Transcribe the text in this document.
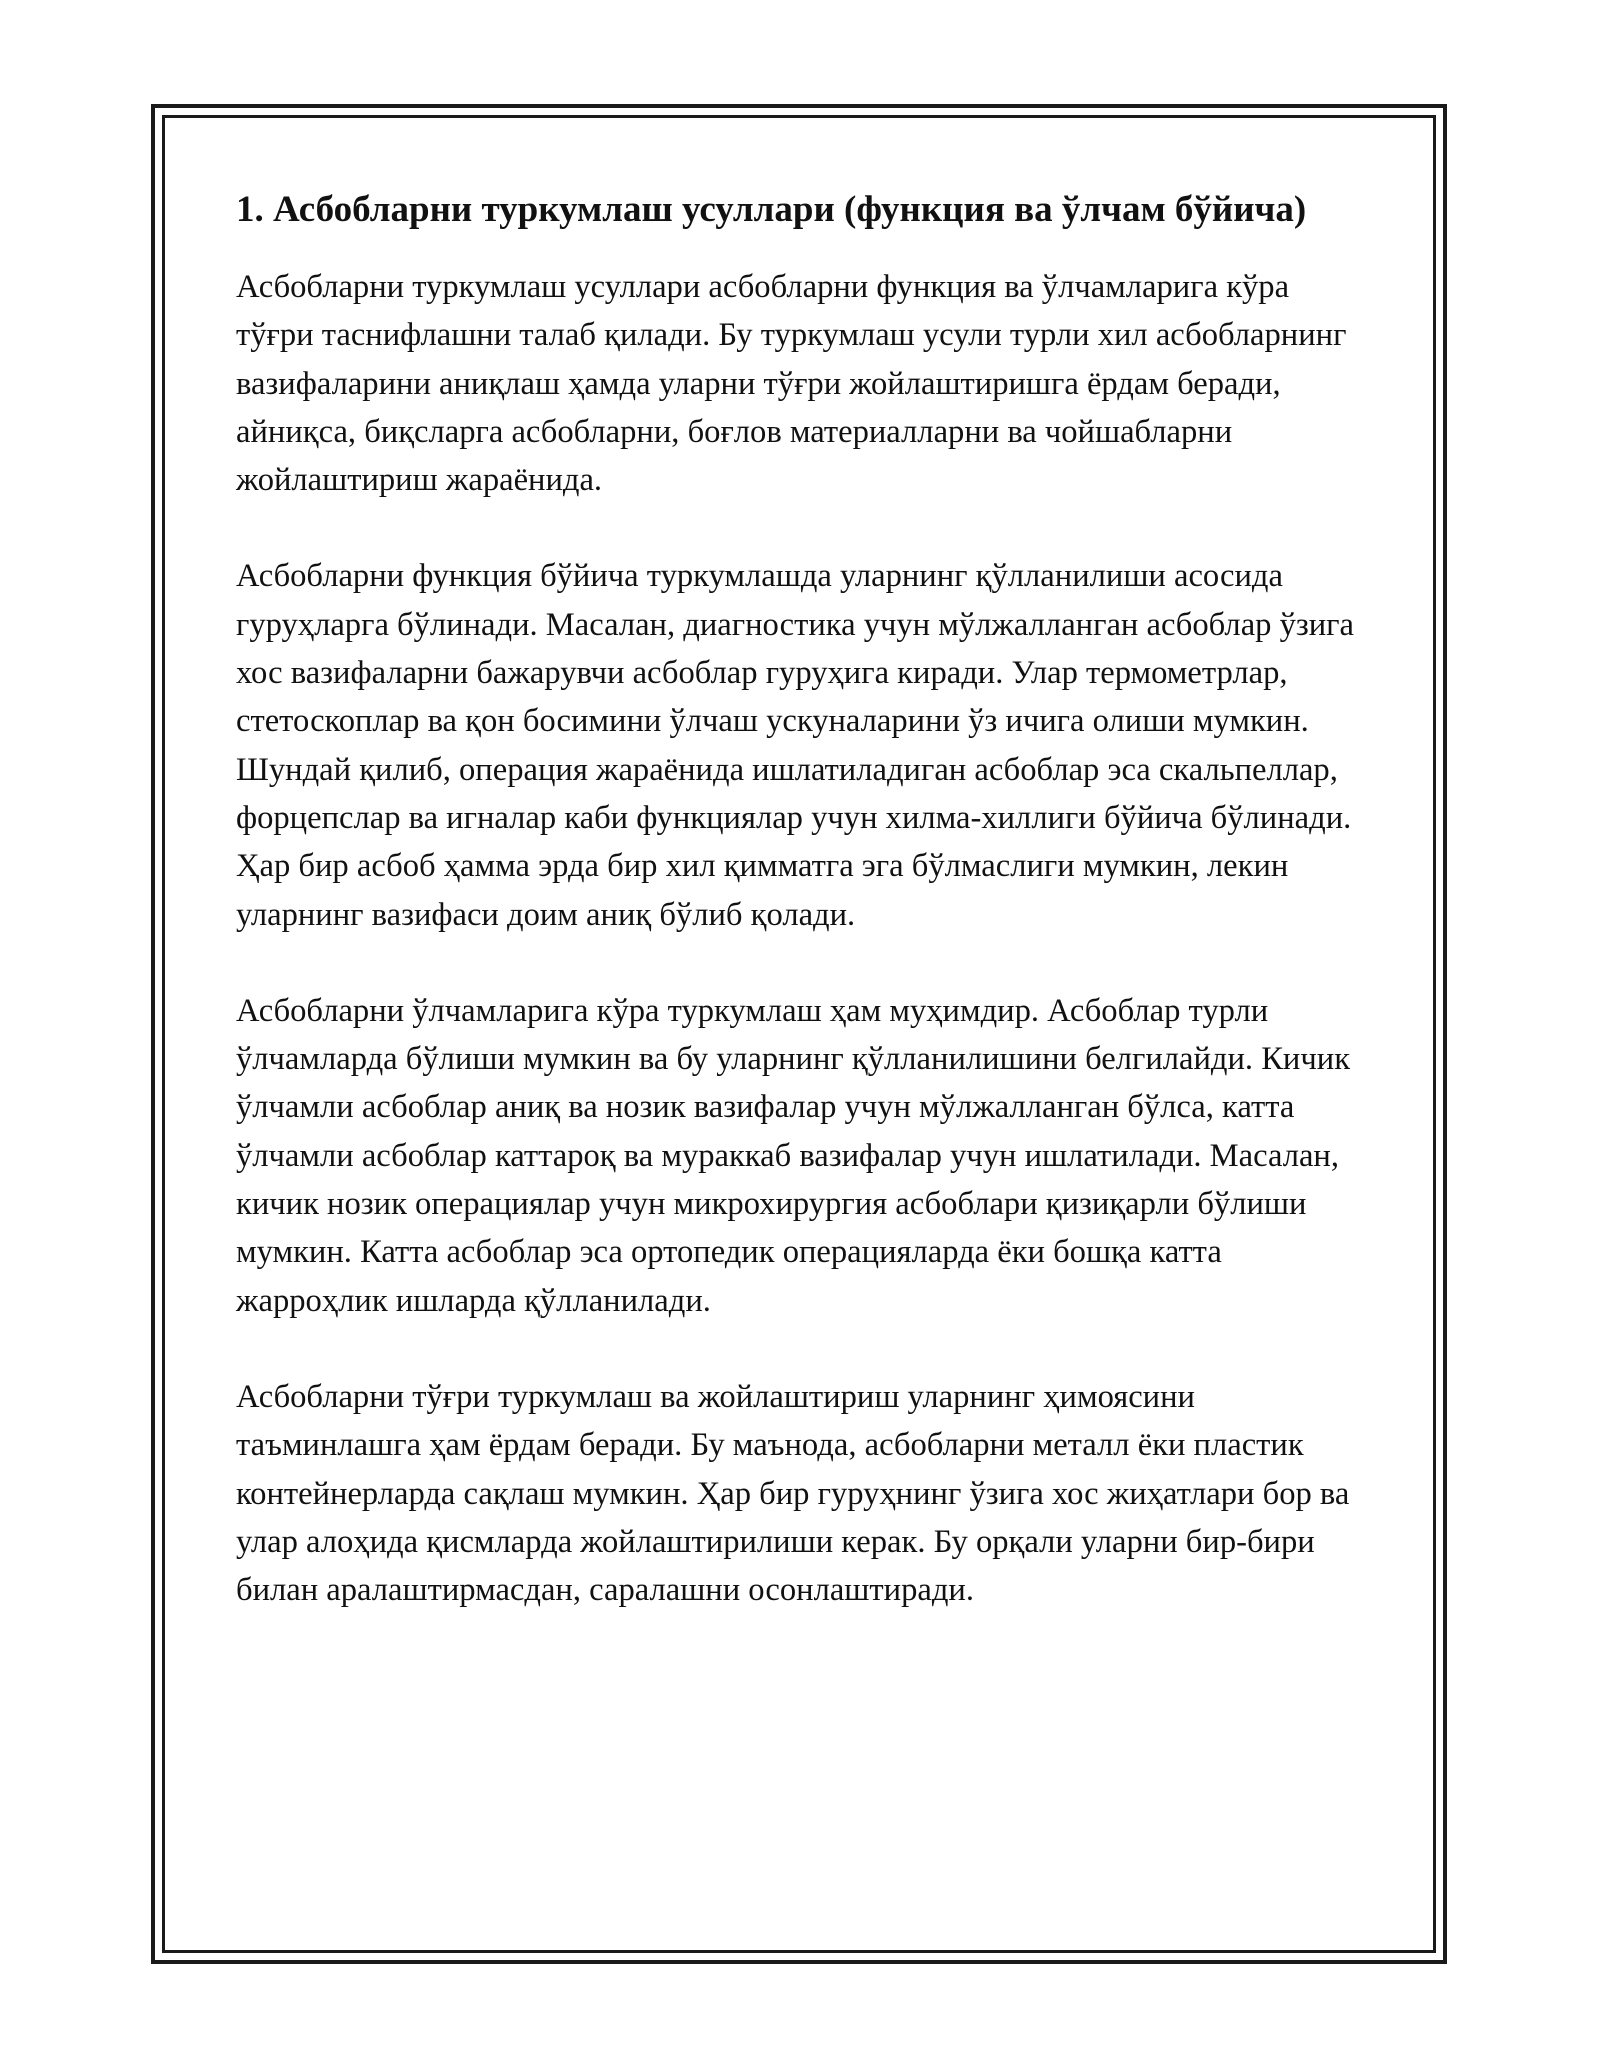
1. Асбобларни туркумлаш усуллари (функция ва ўлчам бўйича)

Асбобларни туркумлаш усуллари асбобларни функция ва ўлчамларига кўра тўғри таснифлашни талаб қилади. Бу туркумлаш усули турли хил асбобларнинг вазифаларини аниқлаш ҳамда уларни тўғри жойлаштиришга ёрдам беради, айниқса, биқсларга асбобларни, боғлов материалларни ва чойшабларни жойлаштириш жараёнида.

Асбобларни функция бўйича туркумлашда уларнинг қўлланилиши асосида гуруҳларга бўлинади. Масалан, диагностика учун мўлжалланган асбоблар ўзига хос вазифаларни бажарувчи асбоблар гуруҳига киради. Улар термометрлар, стетоскоплар ва қон босимини ўлчаш ускуналарини ўз ичига олиши мумкин. Шундай қилиб, операция жараёнида ишлатиладиган асбоблар эса скальпеллар, форцепслар ва игналар каби функциялар учун хилма-хиллиги бўйича бўлинади. Ҳар бир асбоб ҳамма эрда бир хил қимматга эга бўлмаслиги мумкин, лекин уларнинг вазифаси доим аниқ бўлиб қолади.

Асбобларни ўлчамларига кўра туркумлаш ҳам муҳимдир. Асбоблар турли ўлчамларда бўлиши мумкин ва бу уларнинг қўлланилишини белгилайди. Кичик ўлчамли асбоблар аниқ ва нозик вазифалар учун мўлжалланган бўлса, катта ўлчамли асбоблар каттароқ ва мураккаб вазифалар учун ишлатилади. Масалан, кичик нозик операциялар учун микрохирургия асбоблари қизиқарли бўлиши мумкин. Катта асбоблар эса ортопедик операцияларда ёки бошқа катта жарроҳлик ишларда қўлланилади.

Асбобларни тўғри туркумлаш ва жойлаштириш уларнинг ҳимоясини таъминлашга ҳам ёрдам беради. Бу маънода, асбобларни металл ёки пластик контейнерларда сақлаш мумкин. Ҳар бир гуруҳнинг ўзига хос жиҳатлари бор ва улар алоҳида қисмларда жойлаштирилиши керак. Бу орқали уларни бир-бири билан аралаштирмасдан, саралашни осонлаштиради.
